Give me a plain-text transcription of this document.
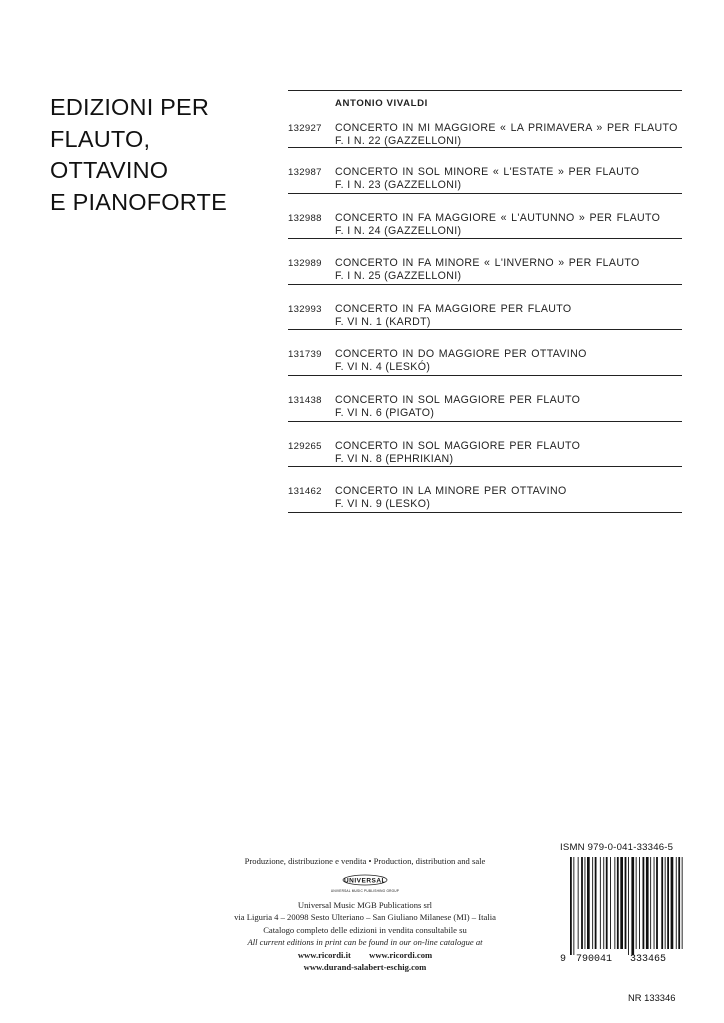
EDIZIONI PER
FLAUTO,
OTTAVINO
E PIANOFORTE
ANTONIO VIVALDI
132927 CONCERTO IN MI MAGGIORE « LA PRIMAVERA » PER FLAUTO
F. I N. 22 (GAZZELLONI)
132987 CONCERTO IN SOL MINORE « L'ESTATE » PER FLAUTO
F. I N. 23 (GAZZELLONI)
132988 CONCERTO IN FA MAGGIORE « L'AUTUNNO » PER FLAUTO
F. I N. 24 (GAZZELLONI)
132989 CONCERTO IN FA MINORE « L'INVERNO » PER FLAUTO
F. I N. 25 (GAZZELLONI)
132993 CONCERTO IN FA MAGGIORE PER FLAUTO
F. VI N. 1 (KARDT)
131739 CONCERTO IN DO MAGGIORE PER OTTAVINO
F. VI N. 4 (LESKÓ)
131438 CONCERTO IN SOL MAGGIORE PER FLAUTO
F. VI N. 6 (PIGATO)
129265 CONCERTO IN SOL MAGGIORE PER FLAUTO
F. VI N. 8 (EPHRIKIAN)
131462 CONCERTO IN LA MINORE PER OTTAVINO
F. VI N. 9 (LESKO)
Produzione, distribuzione e vendita • Production, distribution and sale
UNIVERSAL
UNIVERSAL MUSIC PUBLISHING GROUP
Universal Music MGB Publications srl
via Liguria 4 – 20098 Sesto Ulteriano – San Giuliano Milanese (MI) – Italia
Catalogo completo delle edizioni in vendita consultabile su
All current editions in print can be found in our on-line catalogue at
www.ricordi.it www.ricordi.com
www.durand-salabert-eschig.com
ISMN 979-0-041-33346-5
9 790041 333465
NR 133346
